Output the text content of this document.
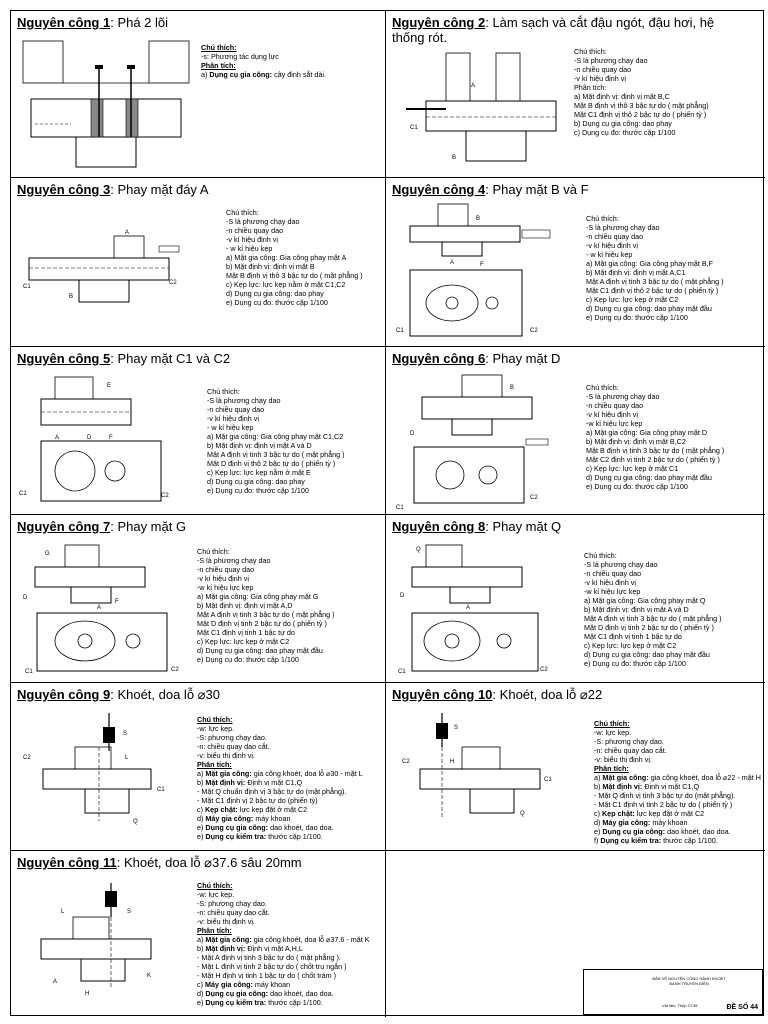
Nguyên công 1: Phá 2 lõi
Chú thích:
-s: Phương tác dụng lực
Phân tích:
a) Dụng cụ gia công: cây đinh sắt dài.
Nguyên công 2: Làm sạch và cắt đậu ngót, đậu hơi, hệ thống rót.
Chú thích:
-S là phương chạy dao
-n chiều quay dao
-v kí hiệu định vị
Phân tích:
a) Mặt định vị: định vị mặt B,C
Mặt B định vị thô 3 bậc tự do ( mặt phẳng)
Mặt C1 định vị thô 2 bậc tự do ( phiến tỳ )
b) Dụng cụ gia công: dao phay
c) Dụng cụ đo: thước cặp 1/100
A
C1
B
Nguyên công 3: Phay mặt đáy A
Chú thích:
-S là phương chạy dao
-n chiều quay dao
-v kí hiệu định vị
- w kí hiệu kẹp
a) Mặt gia công: Gia công phay mặt A
b) Mặt định vị: định vị mặt B
Mặt B định vị thô 3 bậc tự do ( mặt phẳng )
c) Kẹp lực: lực kẹp nằm ở mặt C1,C2
d) Dụng cụ gia công: dao phay
e) Dụng cụ đo: thước cặp 1/100
A
C1
B
C2
Nguyên công 4: Phay mặt B và F
Chú thích:
-S là phương chạy dao
-n chiều quay dao
-v kí hiệu định vị
- w kí hiệu kẹp
a) Mặt gia công: Gia công phay mặt B,F
b) Mặt định vị: định vị mặt A,C1
Mặt A định vị tinh 3 bậc tự do ( mặt phẳng )
Mặt C1 định vị thô 2 bậc tự do ( phiến tỳ )
c) Kẹp lực: lực kẹp ở mặt C2
d) Dụng cụ gia công: dao phay mặt đầu
e) Dụng cụ đo: thước cặp 1/100
B
A	F
C1	C2
Nguyên công 5: Phay mặt C1 và C2
Chú thích:
-S là phương chạy dao
-n chiều quay dao
-v kí hiệu định vị
- w kí hiệu kẹp
a) Mặt gia công: Gia công phay mặt C1,C2
b) Mặt định vị: định vị mặt A và D
Mặt A định vị tinh 3 bậc tự do ( mặt phẳng )
Mặt D định vị thô 2 bậc tự do ( phiến tỳ )
c) Kẹp lực: lực kẹp nằm ở mặt E
d) Dụng cụ gia công: dao phay
e) Dụng cụ đo: thước cặp 1/100
E
A	D	F
C1	C2
Nguyên công 6: Phay mặt D
Chú thích:
-S là phương chạy dao
-n chiều quay dao
-v kí hiệu định vị
-w kí hiệu lực kẹp
a) Mặt gia công: Gia công phay mặt D
b) Mặt định vị: định vị mặt B,C2
Mặt B định vị tinh 3 bậc tự do ( mặt phẳng )
Mặt C2 định vị tinh 2 bậc tự do ( phiến tỳ )
c) Kẹp lực: lực kẹp ở mặt C1
d) Dụng cụ gia công: dao phay mặt đầu
e) Dụng cụ đo: thước cặp 1/100
B
D
C1
C2
Nguyên công 7: Phay mặt G
Chú thích:
-S là phương chạy dao
-n chiều quay dao
-v kí hiệu định vị
-w kí hiệu lực kẹp
a) Mặt gia công: Gia công phay mặt G
b) Mặt định vị: định vị mặt A,D
Mặt A định vị tinh 3 bậc tự do ( mặt phẳng )
Mặt D định vị tinh 2 bậc tự do ( phiến tỳ )
Mặt C1 định vị tinh 1 bậc tự do
c) Kẹp lực: lực kẹp ở mặt C2
d) Dụng cụ gia công: dao phay mặt đầu
e) Dụng cụ đo: thước cặp 1/100
G
D
A
F
C1	C2
Nguyên công 8: Phay mặt Q
Chú thích:
-S là phương chạy dao
-n chiều quay dao
-v kí hiệu định vị
-w kí hiệu lực kẹp
a) Mặt gia công: Gia công phay mặt Q
b) Mặt định vị: định vị mặt A và D
Mặt A định vị tinh 3 bậc tự do ( mặt phẳng )
Mặt D định vị tinh 2 bậc tự do ( phiến tỳ )
Mặt C1 định vị tinh 1 bậc tự do
c) Kẹp lực: lực kẹp ở mặt C2
d) Dụng cụ gia công: dao phay mặt đầu
e) Dụng cụ đo: thước cặp 1/100
Q
D
A
C1	C2
Nguyên công 9: Khoét, doa lỗ ⌀30
Chú thích:
-w: lực kẹp.
-S: phương chạy dao.
-n: chiều quay dao cắt.
-v: biểu thị định vị.
Phân tích:
a) Mặt gia công: gia công khoét, doa lỗ ⌀30 - mặt L
b) Mặt định vị: Định vị mặt C1,Q
- Mặt Q chuẩn định vị 3 bậc tự do (mặt phẳng).
- Mặt C1 định vị 2 bậc tự do (phiến tỳ)
c) Kẹp chặt: lực kẹp đặt ở mặt C2
d) Máy gia công: máy khoan
e) Dụng cụ gia công: dao khoét, dao doa.
e) Dụng cụ kiểm tra: thước cặp 1/100.
S
L
C2
C1
Q
Nguyên công 10: Khoét, doa lỗ ⌀22
Chú thích:
-w: lực kẹp.
-S: phương chạy dao.
-n: chiều quay dao cắt.
-v: biểu thị định vị.
Phân tích:
a) Mặt gia công: gia công khoét, doa lỗ ⌀22 - mặt H
b) Mặt định vị: Định vị mặt C1,Q
- Mặt Q định vị tinh 3 bậc tự do (mặt phẳng).
- Mặt C1 định vị tinh 2 bậc tự do ( phiến tỳ )
c) Kẹp chặt: lực kẹp đặt ở mặt C2
d) Máy gia công: máy khoan
e) Dụng cụ gia công: dao khoét, dao doa.
f) Dụng cụ kiểm tra: thước cặp 1/100.
S
C2	H
C1
Q
Nguyên công 11: Khoét, doa lỗ ⌀37.6 sâu 20mm
Chú thích:
-w: lực kẹp.
-S: phương chạy dao.
-n: chiều quay dao cắt.
-v: biểu thị định vị.
Phân tích:
a) Mặt gia công: gia công khoét, doa lỗ ⌀37.6 - mặt K
b) Mặt định vị: Định vị mặt A,H,L
- Mặt A định vị tinh 3 bậc tự do ( mặt phẳng ).
- Mặt L định vị tinh 2 bậc tự do ( chốt trụ ngắn )
- Mặt H định vị tinh 1 bậc tự do ( chốt trám )
c) Máy gia công: máy khoan
d) Dụng cụ gia công: dao khoét, dao doa.
e) Dụng cụ kiểm tra: thước cặp 1/100.
S
L
A
H
K	BẢN VẼ NGUYÊN CÔNG HÀNH KHOÉT
BÁNH TRUYỀN ĐIỆN
Vật liệu: Thép CT45	ĐỀ SỐ 44
